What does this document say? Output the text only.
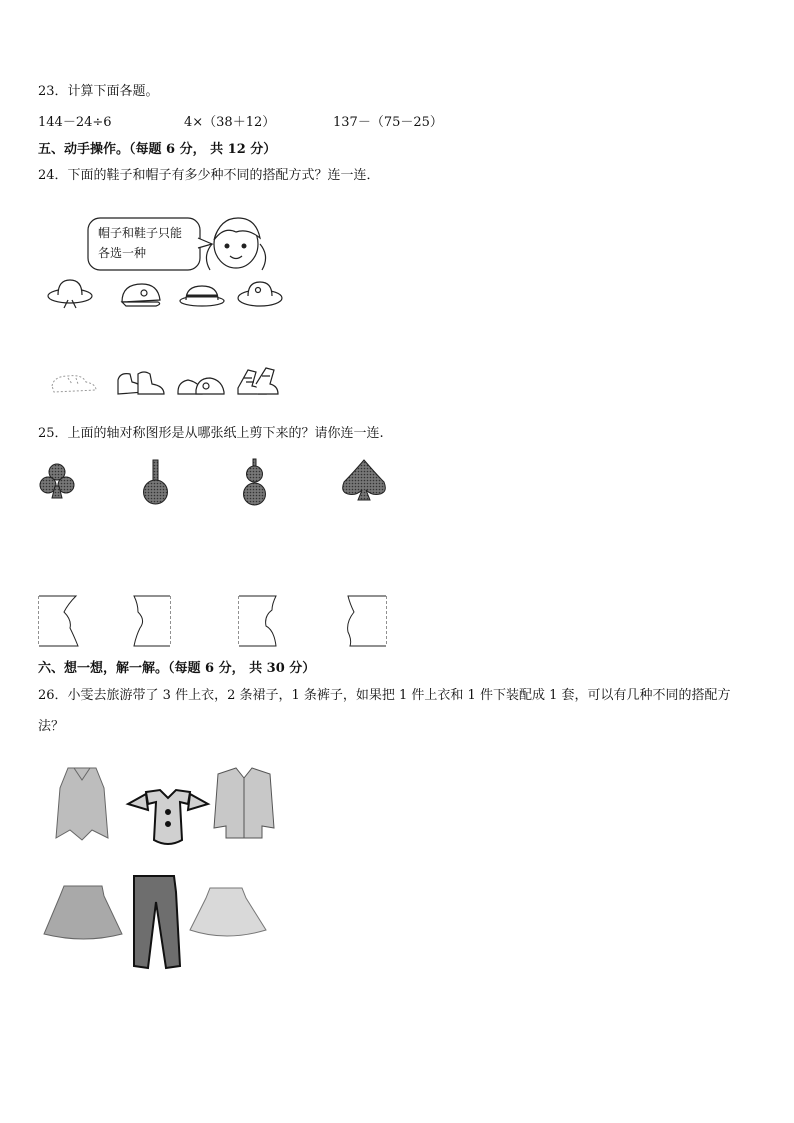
23．计算下面各题。
144－24÷6	4×（38＋12）	137－（75－25）
五、动手操作。（每题 6 分， 共 12 分）
24．下面的鞋子和帽子有多少种不同的搭配方式？连一连．
帽子和鞋子只能
各选一种
25．上面的轴对称图形是从哪张纸上剪下来的？请你连一连.
六、想一想，解一解。（每题 6 分， 共 30 分）
26．小雯去旅游带了 3 件上衣，2 条裙子，1 条裤子，如果把 1 件上衣和 1 件下装配成 1 套，可以有几种不同的搭配方
法？
